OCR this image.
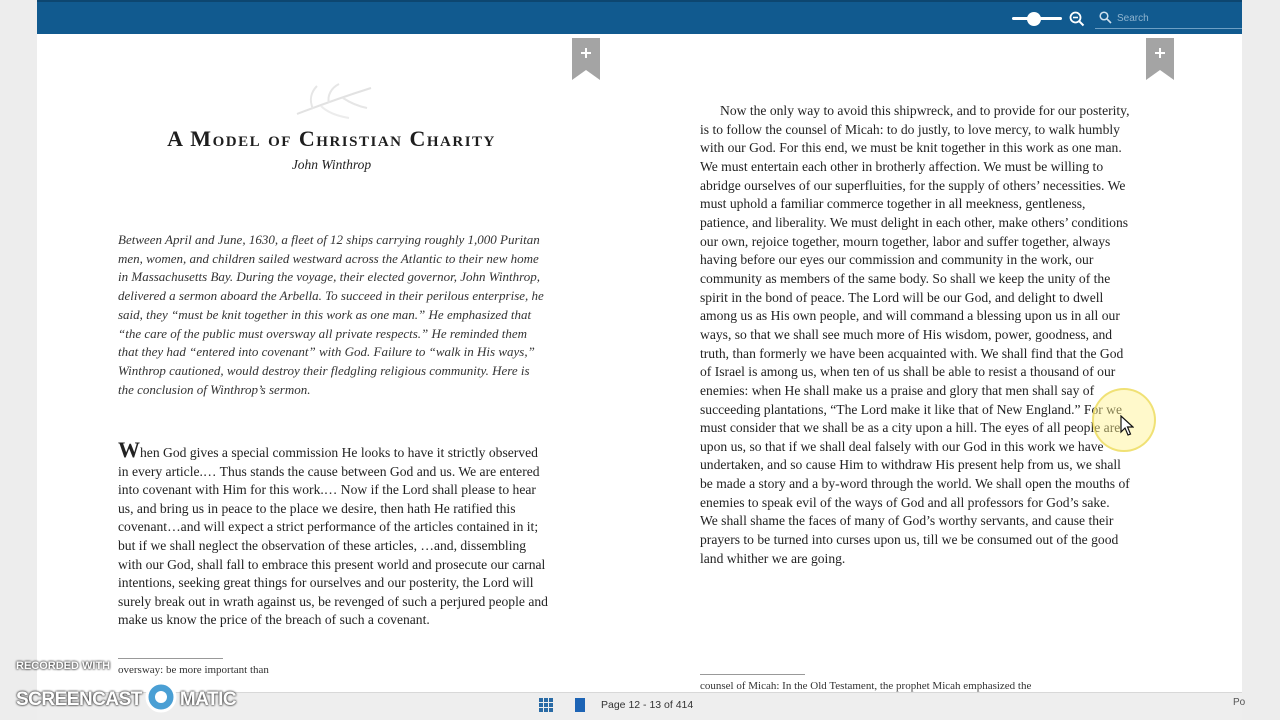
Search
A Model of Christian Charity
John Winthrop

Between April and June, 1630, a fleet of 12 ships carrying roughly 1,000 Puritan men, women, and children sailed westward across the Atlantic to their new home in Massachusetts Bay. During the voyage, their elected governor, John Winthrop, delivered a sermon aboard the Arbella. To succeed in their perilous enterprise, he said, they “must be knit together in this work as one man.” He emphasized that “the care of the public must oversway all private respects.” He reminded them that they had “entered into covenant” with God. Failure to “walk in His ways,” Winthrop cautioned, would destroy their fledgling religious community. Here is the conclusion of Winthrop’s sermon.

When God gives a special commission He looks to have it strictly observed in every article.… Thus stands the cause between God and us. We are entered into covenant with Him for this work.… Now if the Lord shall please to hear us, and bring us in peace to the place we desire, then hath He ratified this covenant…and will expect a strict performance of the articles contained in it; but if we shall neglect the observation of these articles, …and, dissembling with our God, shall fall to embrace this present world and prosecute our carnal intentions, seeking great things for ourselves and our posterity, the Lord will surely break out in wrath against us, be revenged of such a perjured people and make us know the price of the breach of such a covenant.

oversway: be more important than

Now the only way to avoid this shipwreck, and to provide for our posterity, is to follow the counsel of Micah: to do justly, to love mercy, to walk humbly with our God. For this end, we must be knit together in this work as one man. We must entertain each other in brotherly affection. We must be willing to abridge ourselves of our superfluities, for the supply of others’ necessities. We must uphold a familiar commerce together in all meekness, gentleness, patience, and liberality. We must delight in each other, make others’ conditions our own, rejoice together, mourn together, labor and suffer together, always having before our eyes our commission and community in the work, our community as members of the same body. So shall we keep the unity of the spirit in the bond of peace. The Lord will be our God, and delight to dwell among us as His own people, and will command a blessing upon us in all our ways, so that we shall see much more of His wisdom, power, goodness, and truth, than formerly we have been acquainted with. We shall find that the God of Israel is among us, when ten of us shall be able to resist a thousand of our enemies: when He shall make us a praise and glory that men shall say of succeeding plantations, “The Lord make it like that of New England.” For we must consider that we shall be as a city upon a hill. The eyes of all people are upon us, so that if we shall deal falsely with our God in this work we have undertaken, and so cause Him to withdraw His present help from us, we shall be made a story and a by-word through the world. We shall open the mouths of enemies to speak evil of the ways of God and all professors for God’s sake. We shall shame the faces of many of God’s worthy servants, and cause their prayers to be turned into curses upon us, till we be consumed out of the good land whither we are going.

counsel of Micah: In the Old Testament, the prophet Micah emphasized the
Page 12 - 13 of 414	Po
RECORDED WITH
SCREENCAST MATIC
